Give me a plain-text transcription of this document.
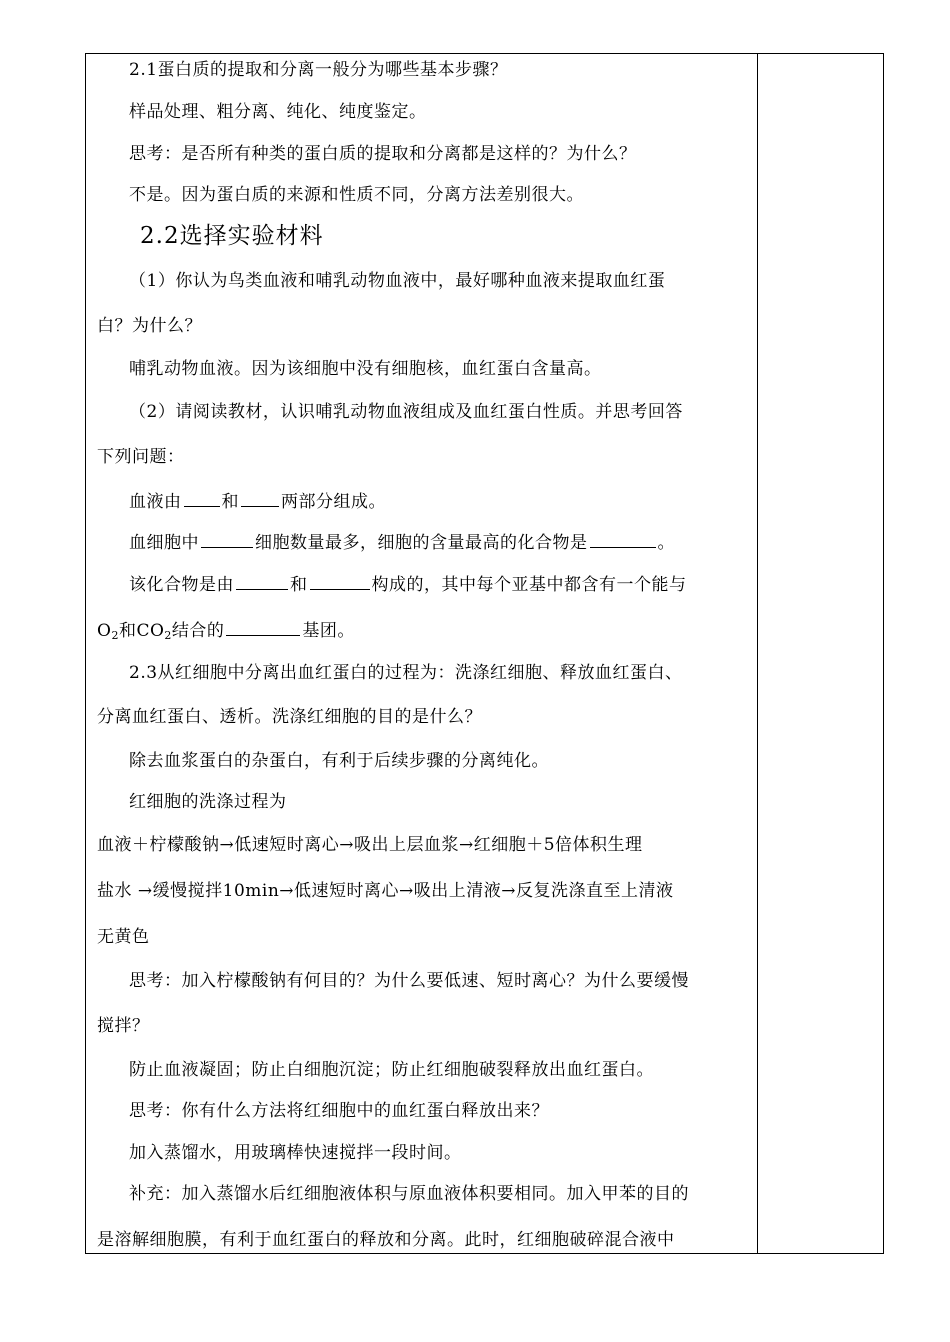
2.1蛋白质的提取和分离一般分为哪些基本步骤？
样品处理、粗分离、纯化、纯度鉴定。
思考：是否所有种类的蛋白质的提取和分离都是这样的？为什么？
不是。因为蛋白质的来源和性质不同，分离方法差别很大。
2.2选择实验材料
（1）你认为鸟类血液和哺乳动物血液中，最好哪种血液来提取血红蛋
白？为什么？
哺乳动物血液。因为该细胞中没有细胞核，血红蛋白含量高。
（2）请阅读教材，认识哺乳动物血液组成及血红蛋白性质。并思考回答
下列问题：
血液由 和 两部分组成。
血细胞中	细胞数量最多，细胞的含量最高的化合物是	。
该化合物是由	和	构成的，其中每个亚基中都含有一个能与
$O_2$和$CO_2$结合的	基团。
2.3从红细胞中分离出血红蛋白的过程为：洗涤红细胞、释放血红蛋白、
分离血红蛋白、透析。洗涤红细胞的目的是什么？
除去血浆蛋白的杂蛋白，有利于后续步骤的分离纯化。
红细胞的洗涤过程为
血液＋柠檬酸钠→低速短时离心→吸出上层血浆→红细胞＋5倍体积生理
盐水 →缓慢搅拌10min→低速短时离心→吸出上清液→反复洗涤直至上清液
无黄色
思考：加入柠檬酸钠有何目的？为什么要低速、短时离心？为什么要缓慢
搅拌？
防止血液凝固；防止白细胞沉淀；防止红细胞破裂释放出血红蛋白。
思考：你有什么方法将红细胞中的血红蛋白释放出来？
加入蒸馏水，用玻璃棒快速搅拌一段时间。
补充：加入蒸馏水后红细胞液体积与原血液体积要相同。加入甲苯的目的
是溶解细胞膜，有利于血红蛋白的释放和分离。此时，红细胞破碎混合液中
